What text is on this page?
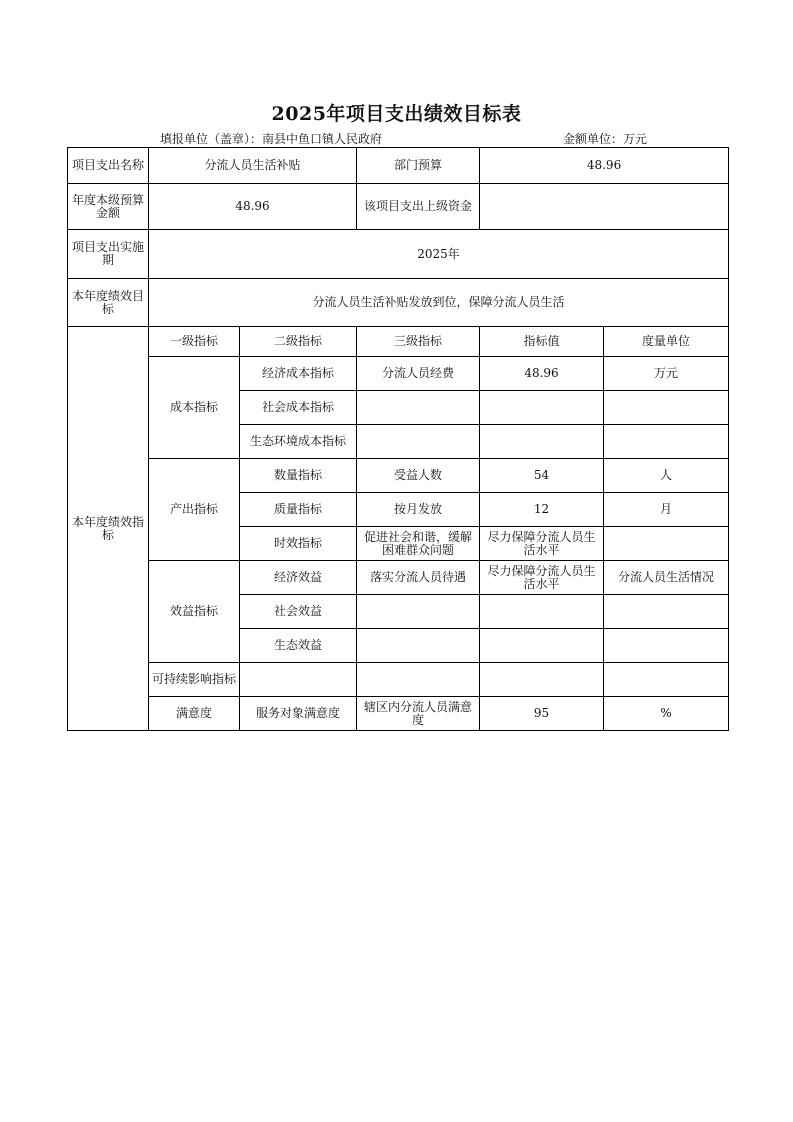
2025年项目支出绩效目标表
填报单位（盖章）：南县中鱼口镇人民政府	金额单位：万元
项目支出名称	分流人员生活补贴		部门预算	48.96	
年度本级预算金额	48.96		该项目支出上级资金		
项目支出实施期	2025年				
本年度绩效目标	分流人员生活补贴发放到位，保障分流人员生活				
本年度绩效指标	一级指标	二级指标	三级指标	指标值	度量单位
	成本指标	经济成本指标	分流人员经费	48.96	万元
		社会成本指标			
		生态环境成本指标			
	产出指标	数量指标	受益人数	54	人
		质量指标	按月发放	12	月
		时效指标	促进社会和谐，缓解困难群众问题	尽力保障分流人员生活水平	
	效益指标	经济效益	落实分流人员待遇	尽力保障分流人员生活水平	分流人员生活情况
		社会效益			
		生态效益			
	可持续影响指标				
	满意度	服务对象满意度	辖区内分流人员满意度	95	%
